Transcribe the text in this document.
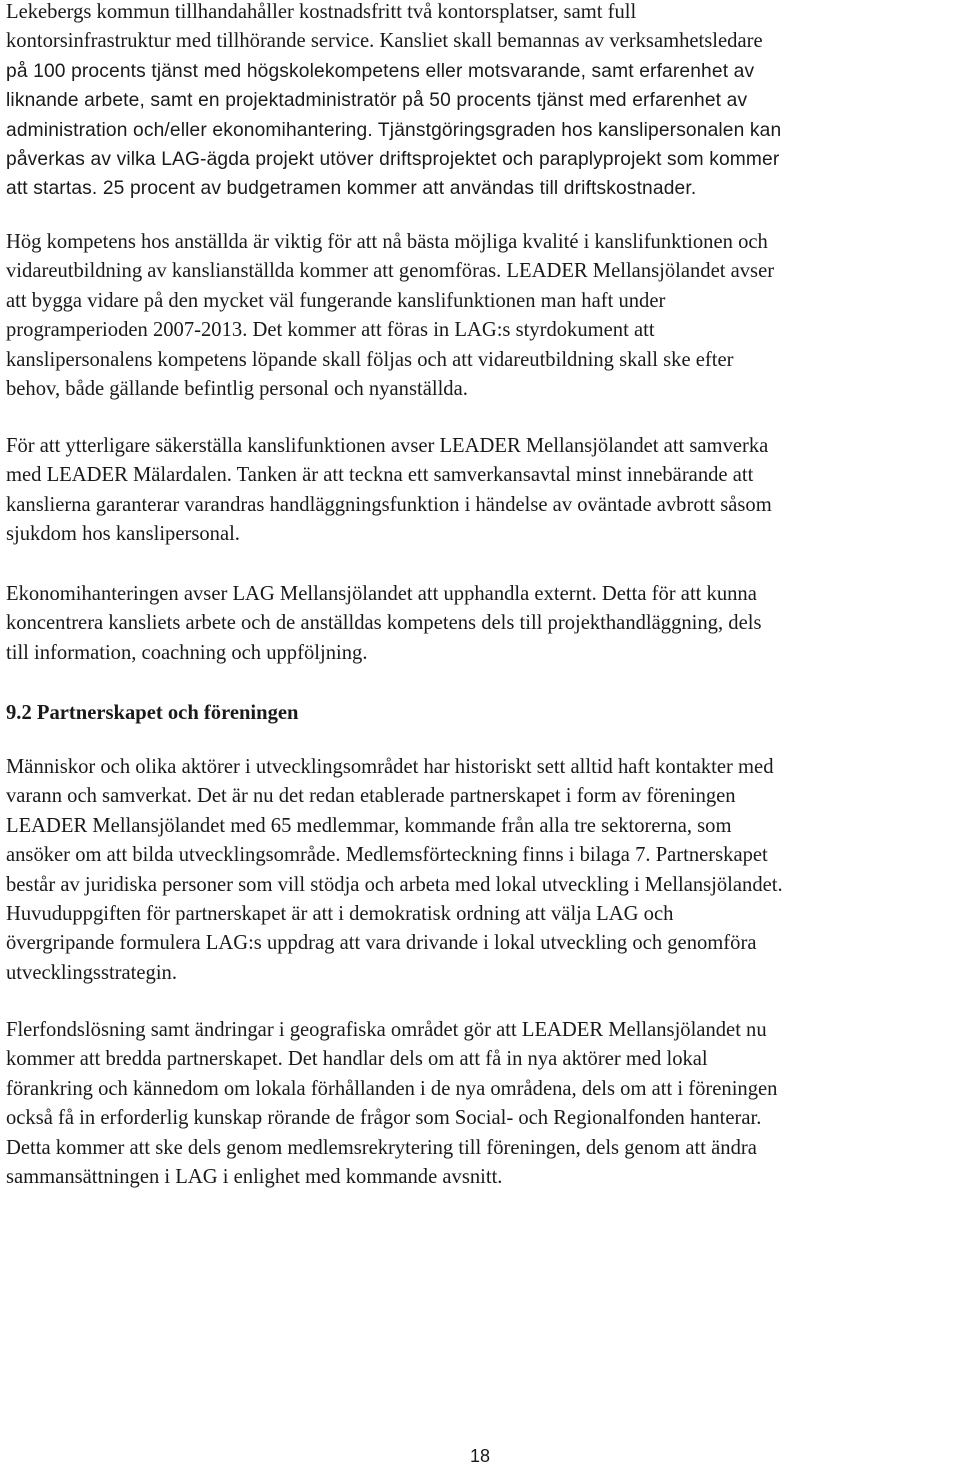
Lekebergs kommun tillhandahåller kostnadsfritt två kontorsplatser, samt full
kontorsinfrastruktur med tillhörande service. Kansliet skall bemannas av verksamhetsledare
på 100 procents tjänst med högskolekompetens eller motsvarande, samt erfarenhet av
liknande arbete, samt en projektadministratör på 50 procents tjänst med erfarenhet av
administration och/eller ekonomihantering. Tjänstgöringsgraden hos kanslipersonalen kan
påverkas av vilka LAG-ägda projekt utöver driftsprojektet och paraplyprojekt som kommer
att startas. 25 procent av budgetramen kommer att användas till driftskostnader.

Hög kompetens hos anställda är viktig för att nå bästa möjliga kvalité i kanslifunktionen och
vidareutbildning av kanslianställda kommer att genomföras. LEADER Mellansjölandet avser
att bygga vidare på den mycket väl fungerande kanslifunktionen man haft under
programperioden 2007-2013. Det kommer att föras in LAG:s styrdokument att
kanslipersonalens kompetens löpande skall följas och att vidareutbildning skall ske efter
behov, både gällande befintlig personal och nyanställda.

För att ytterligare säkerställa kanslifunktionen avser LEADER Mellansjölandet att samverka
med LEADER Mälardalen. Tanken är att teckna ett samverkansavtal minst innebärande att
kanslierna garanterar varandras handläggningsfunktion i händelse av oväntade avbrott såsom
sjukdom hos kanslipersonal.

Ekonomihanteringen avser LAG Mellansjölandet att upphandla externt. Detta för att kunna
koncentrera kansliets arbete och de anställdas kompetens dels till projekthandläggning, dels
till information, coachning och uppföljning.

9.2 Partnerskapet och föreningen

Människor och olika aktörer i utvecklingsområdet har historiskt sett alltid haft kontakter med
varann och samverkat. Det är nu det redan etablerade partnerskapet i form av föreningen
LEADER Mellansjölandet med 65 medlemmar, kommande från alla tre sektorerna, som
ansöker om att bilda utvecklingsområde. Medlemsförteckning finns i bilaga 7. Partnerskapet
består av juridiska personer som vill stödja och arbeta med lokal utveckling i Mellansjölandet.
Huvuduppgiften för partnerskapet är att i demokratisk ordning att välja LAG och
övergripande formulera LAG:s uppdrag att vara drivande i lokal utveckling och genomföra
utvecklingsstrategin.

Flerfondslösning samt ändringar i geografiska området gör att LEADER Mellansjölandet nu
kommer att bredda partnerskapet. Det handlar dels om att få in nya aktörer med lokal
förankring och kännedom om lokala förhållanden i de nya områdena, dels om att i föreningen
också få in erforderlig kunskap rörande de frågor som Social- och Regionalfonden hanterar.
Detta kommer att ske dels genom medlemsrekrytering till föreningen, dels genom att ändra
sammansättningen i LAG i enlighet med kommande avsnitt.

18
